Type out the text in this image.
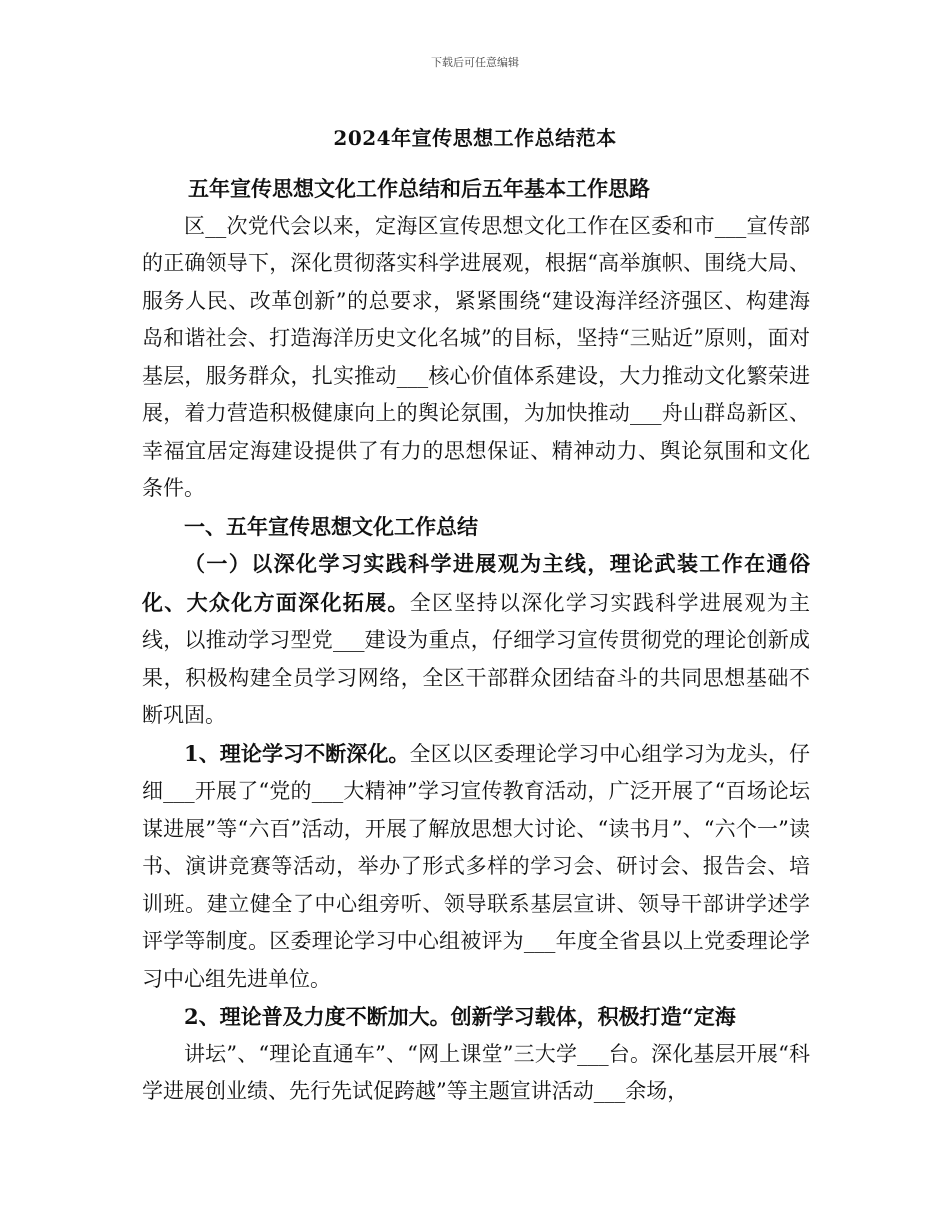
下载后可任意编辑
2024年宣传思想工作总结范本

五年宣传思想文化工作总结和后五年基本工作思路

区__次党代会以来，定海区宣传思想文化工作在区委和市___宣传部的正确领导下，深化贯彻落实科学进展观，根据“高举旗帜、围绕大局、服务人民、改革创新”的总要求，紧紧围绕“建设海洋经济强区、构建海岛和谐社会、打造海洋历史文化名城”的目标，坚持“三贴近”原则，面对基层，服务群众，扎实推动___核心价值体系建设，大力推动文化繁荣进展，着力营造积极健康向上的舆论氛围，为加快推动___舟山群岛新区、幸福宜居定海建设提供了有力的思想保证、精神动力、舆论氛围和文化条件。

一、五年宣传思想文化工作总结

（一）以深化学习实践科学进展观为主线，理论武装工作在通俗化、大众化方面深化拓展。全区坚持以深化学习实践科学进展观为主线，以推动学习型党___建设为重点，仔细学习宣传贯彻党的理论创新成果，积极构建全员学习网络，全区干部群众团结奋斗的共同思想基础不断巩固。

1、理论学习不断深化。全区以区委理论学习中心组学习为龙头，仔细___开展了“党的___大精神”学习宣传教育活动，广泛开展了“百场论坛谋进展”等“六百”活动，开展了解放思想大讨论、“读书月”、“六个一”读书、演讲竞赛等活动，举办了形式多样的学习会、研讨会、报告会、培训班。建立健全了中心组旁听、领导联系基层宣讲、领导干部讲学述学评学等制度。区委理论学习中心组被评为___年度全省县以上党委理论学习中心组先进单位。

2、理论普及力度不断加大。创新学习载体，积极打造“定海

讲坛”、“理论直通车”、“网上课堂”三大学___台。深化基层开展“科学进展创业绩、先行先试促跨越”等主题宣讲活动___余场，
